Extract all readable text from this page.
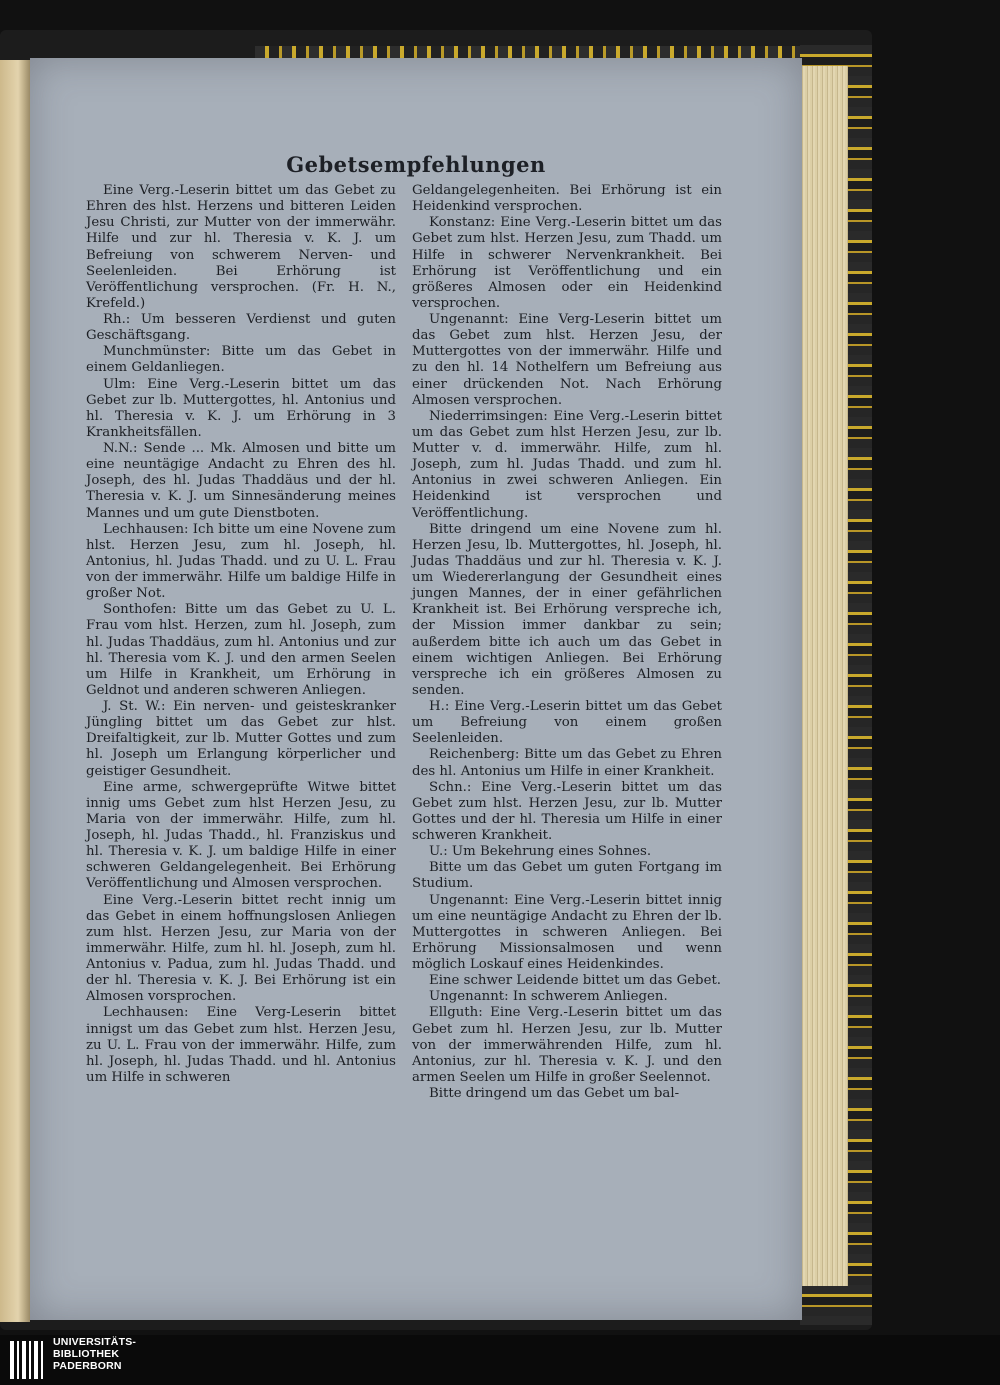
Gebetsempfehlungen

Eine Verg.-Leserin bittet um das Gebet zu Ehren des hlst. Herzens und bitteren Leiden Jesu Christi, zur Mutter von der immerwähr. Hilfe und zur hl. Theresia v. K. J. um Befreiung von schwerem Nerven- und Seelenleiden. Bei Erhörung ist Veröffentlichung versprochen. (Fr. H. N., Krefeld.)

Rh.: Um besseren Verdienst und guten Geschäftsgang.

Munchmünster: Bitte um das Gebet in einem Geldanliegen.

Ulm: Eine Verg.-Leserin bittet um das Gebet zur lb. Muttergottes, hl. Antonius und hl. Theresia v. K. J. um Erhörung in 3 Krankheitsfällen.

N.N.: Sende ... Mk. Almosen und bitte um eine neuntägige Andacht zu Ehren des hl. Joseph, des hl. Judas Thaddäus und der hl. Theresia v. K. J. um Sinnesänderung meines Mannes und um gute Dienstboten.

Lechhausen: Ich bitte um eine Novene zum hlst. Herzen Jesu, zum hl. Joseph, hl. Antonius, hl. Judas Thadd. und zu U. L. Frau von der immerwähr. Hilfe um baldige Hilfe in großer Not.

Sonthofen: Bitte um das Gebet zu U. L. Frau vom hlst. Herzen, zum hl. Joseph, zum hl. Judas Thaddäus, zum hl. Antonius und zur hl. Theresia vom K. J. und den armen Seelen um Hilfe in Krankheit, um Erhörung in Geldnot und anderen schweren Anliegen.

J. St. W.: Ein nerven- und geisteskranker Jüngling bittet um das Gebet zur hlst. Dreifaltigkeit, zur lb. Mutter Gottes und zum hl. Joseph um Erlangung körperlicher und geistiger Gesundheit.

Eine arme, schwergeprüfte Witwe bittet innig ums Gebet zum hlst Herzen Jesu, zu Maria von der immerwähr. Hilfe, zum hl. Joseph, hl. Judas Thadd., hl. Franziskus und hl. Theresia v. K. J. um baldige Hilfe in einer schweren Geldangelegenheit. Bei Erhörung Veröffentlichung und Almosen versprochen.

Eine Verg.-Leserin bittet recht innig um das Gebet in einem hoffnungslosen Anliegen zum hlst. Herzen Jesu, zur Maria von der immerwähr. Hilfe, zum hl. hl. Joseph, zum hl. Antonius v. Padua, zum hl. Judas Thadd. und der hl. Theresia v. K. J. Bei Erhörung ist ein Almosen vorsprochen.

Lechhausen: Eine Verg-Leserin bittet innigst um das Gebet zum hlst. Herzen Jesu, zu U. L. Frau von der immerwähr. Hilfe, zum hl. Joseph, hl. Judas Thadd. und hl. Antonius um Hilfe in schweren

Geldangelegenheiten. Bei Erhörung ist ein Heidenkind versprochen.

Konstanz: Eine Verg.-Leserin bittet um das Gebet zum hlst. Herzen Jesu, zum Thadd. um Hilfe in schwerer Nervenkrankheit. Bei Erhörung ist Veröffentlichung und ein größeres Almosen oder ein Heidenkind versprochen.

Ungenannt: Eine Verg-Leserin bittet um das Gebet zum hlst. Herzen Jesu, der Muttergottes von der immerwähr. Hilfe und zu den hl. 14 Nothelfern um Befreiung aus einer drückenden Not. Nach Erhörung Almosen versprochen.

Niederrimsingen: Eine Verg.-Leserin bittet um das Gebet zum hlst Herzen Jesu, zur lb. Mutter v. d. immerwähr. Hilfe, zum hl. Joseph, zum hl. Judas Thadd. und zum hl. Antonius in zwei schweren Anliegen. Ein Heidenkind ist versprochen und Veröffentlichung.

Bitte dringend um eine Novene zum hl. Herzen Jesu, lb. Muttergottes, hl. Joseph, hl. Judas Thaddäus und zur hl. Theresia v. K. J. um Wiedererlangung der Gesundheit eines jungen Mannes, der in einer gefährlichen Krankheit ist. Bei Erhörung verspreche ich, der Mission immer dankbar zu sein; außerdem bitte ich auch um das Gebet in einem wichtigen Anliegen. Bei Erhörung verspreche ich ein größeres Almosen zu senden.

H.: Eine Verg.-Leserin bittet um das Gebet um Befreiung von einem großen Seelenleiden.

Reichenberg: Bitte um das Gebet zu Ehren des hl. Antonius um Hilfe in einer Krankheit.

Schn.: Eine Verg.-Leserin bittet um das Gebet zum hlst. Herzen Jesu, zur lb. Mutter Gottes und der hl. Theresia um Hilfe in einer schweren Krankheit.

U.: Um Bekehrung eines Sohnes.

Bitte um das Gebet um guten Fortgang im Studium.

Ungenannt: Eine Verg.-Leserin bittet innig um eine neuntägige Andacht zu Ehren der lb. Muttergottes in schweren Anliegen. Bei Erhörung Missionsalmosen und wenn möglich Loskauf eines Heidenkindes.

Eine schwer Leidende bittet um das Gebet.

Ungenannt: In schwerem Anliegen.

Ellguth: Eine Verg.-Leserin bittet um das Gebet zum hl. Herzen Jesu, zur lb. Mutter von der immerwährenden Hilfe, zum hl. Antonius, zur hl. Theresia v. K. J. und den armen Seelen um Hilfe in großer Seelennot.

Bitte dringend um das Gebet um bal-

UNIVERSITÄTS-
BIBLIOTHEK
PADERBORN
